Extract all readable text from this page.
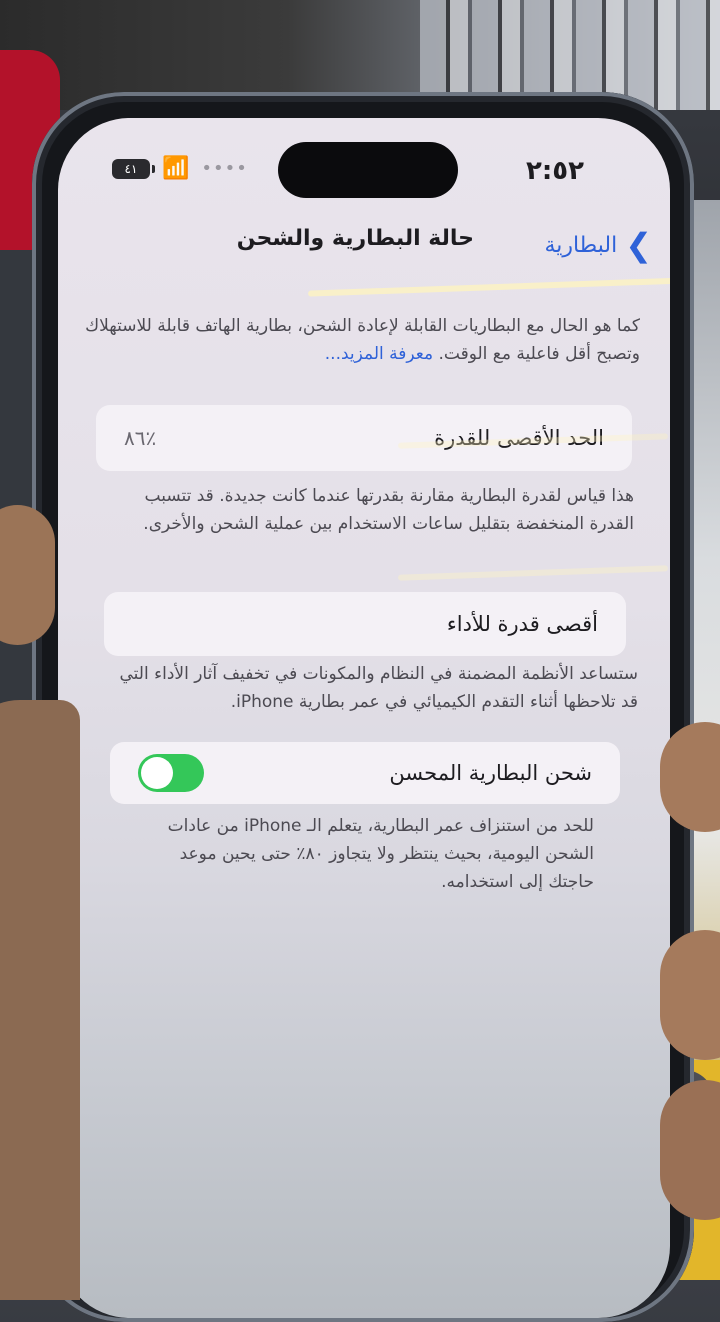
٤١	📶 ••••	٢:٥٢
❯
البطارية
حالة البطارية والشحن
كما هو الحال مع البطاريات القابلة لإعادة الشحن، بطارية الهاتف قابلة للاستهلاك وتصبح أقل فاعلية مع الوقت. معرفة المزيد...
الحد الأقصى للقدرة
٪٨٦
هذا قياس لقدرة البطارية مقارنة بقدرتها عندما كانت جديدة. قد تتسبب القدرة المنخفضة بتقليل ساعات الاستخدام بين عملية الشحن والأخرى.
أقصى قدرة للأداء
ستساعد الأنظمة المضمنة في النظام والمكونات في تخفيف آثار الأداء التي قد تلاحظها أثناء التقدم الكيميائي في عمر بطارية iPhone.
شحن البطارية المحسن
للحد من استنزاف عمر البطارية، يتعلم الـ iPhone من عادات الشحن اليومية، بحيث ينتظر ولا يتجاوز ٨٠٪ حتى يحين موعد حاجتك إلى استخدامه.
